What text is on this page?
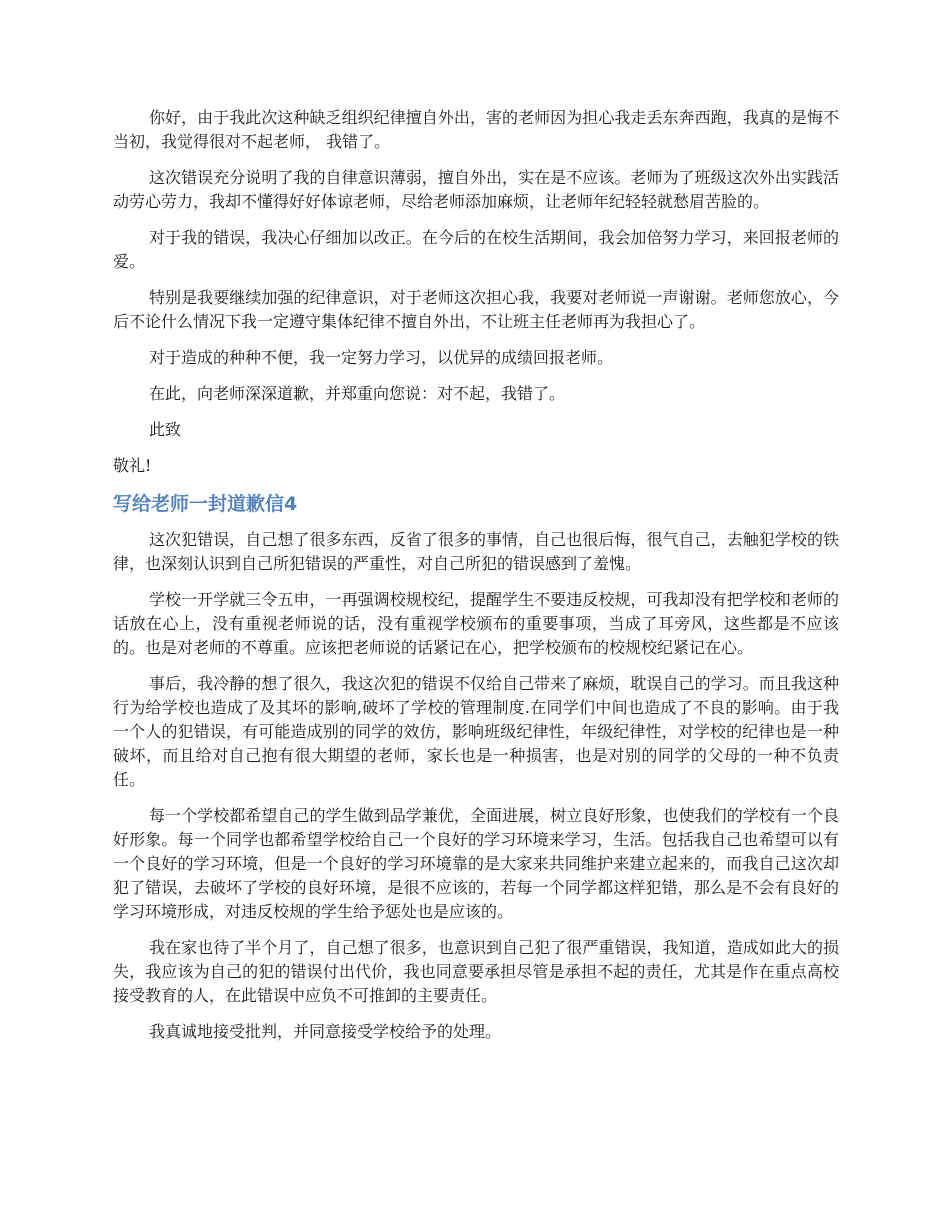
你好，由于我此次这种缺乏组织纪律擅自外出，害的老师因为担心我走丢东奔西跑，我真的是悔不当初，我觉得很对不起老师， 我错了。

这次错误充分说明了我的自律意识薄弱，擅自外出，实在是不应该。老师为了班级这次外出实践活动劳心劳力，我却不懂得好好体谅老师，尽给老师添加麻烦，让老师年纪轻轻就愁眉苦脸的。

对于我的错误，我决心仔细加以改正。在今后的在校生活期间，我会加倍努力学习，来回报老师的爱。

特别是我要继续加强的纪律意识，对于老师这次担心我，我要对老师说一声谢谢。老师您放心，今后不论什么情况下我一定遵守集体纪律不擅自外出，不让班主任老师再为我担心了。

对于造成的种种不便，我一定努力学习，以优异的成绩回报老师。

在此，向老师深深道歉，并郑重向您说：对不起，我错了。

此致

敬礼!

写给老师一封道歉信4

这次犯错误，自己想了很多东西，反省了很多的事情，自己也很后悔，很气自己，去触犯学校的铁律，也深刻认识到自己所犯错误的严重性，对自己所犯的错误感到了羞愧。

学校一开学就三令五申，一再强调校规校纪，提醒学生不要违反校规，可我却没有把学校和老师的话放在心上，没有重视老师说的话，没有重视学校颁布的重要事项，当成了耳旁风，这些都是不应该的。也是对老师的不尊重。应该把老师说的话紧记在心，把学校颁布的校规校纪紧记在心。

事后，我冷静的想了很久，我这次犯的错误不仅给自己带来了麻烦，耽误自己的学习。而且我这种行为给学校也造成了及其坏的影响,破坏了学校的管理制度.在同学们中间也造成了不良的影响。由于我一个人的犯错误，有可能造成别的同学的效仿，影响班级纪律性，年级纪律性，对学校的纪律也是一种破坏，而且给对自己抱有很大期望的老师，家长也是一种损害，也是对别的同学的父母的一种不负责任。

每一个学校都希望自己的学生做到品学兼优，全面进展，树立良好形象，也使我们的学校有一个良好形象。每一个同学也都希望学校给自己一个良好的学习环境来学习，生活。包括我自己也希望可以有一个良好的学习环境，但是一个良好的学习环境靠的是大家来共同维护来建立起来的，而我自己这次却犯了错误，去破坏了学校的良好环境，是很不应该的，若每一个同学都这样犯错，那么是不会有良好的学习环境形成，对违反校规的学生给予惩处也是应该的。

我在家也待了半个月了，自己想了很多，也意识到自己犯了很严重错误，我知道，造成如此大的损失，我应该为自己的犯的错误付出代价，我也同意要承担尽管是承担不起的责任，尤其是作在重点高校接受教育的人，在此错误中应负不可推卸的主要责任。

我真诚地接受批判，并同意接受学校给予的处理。
